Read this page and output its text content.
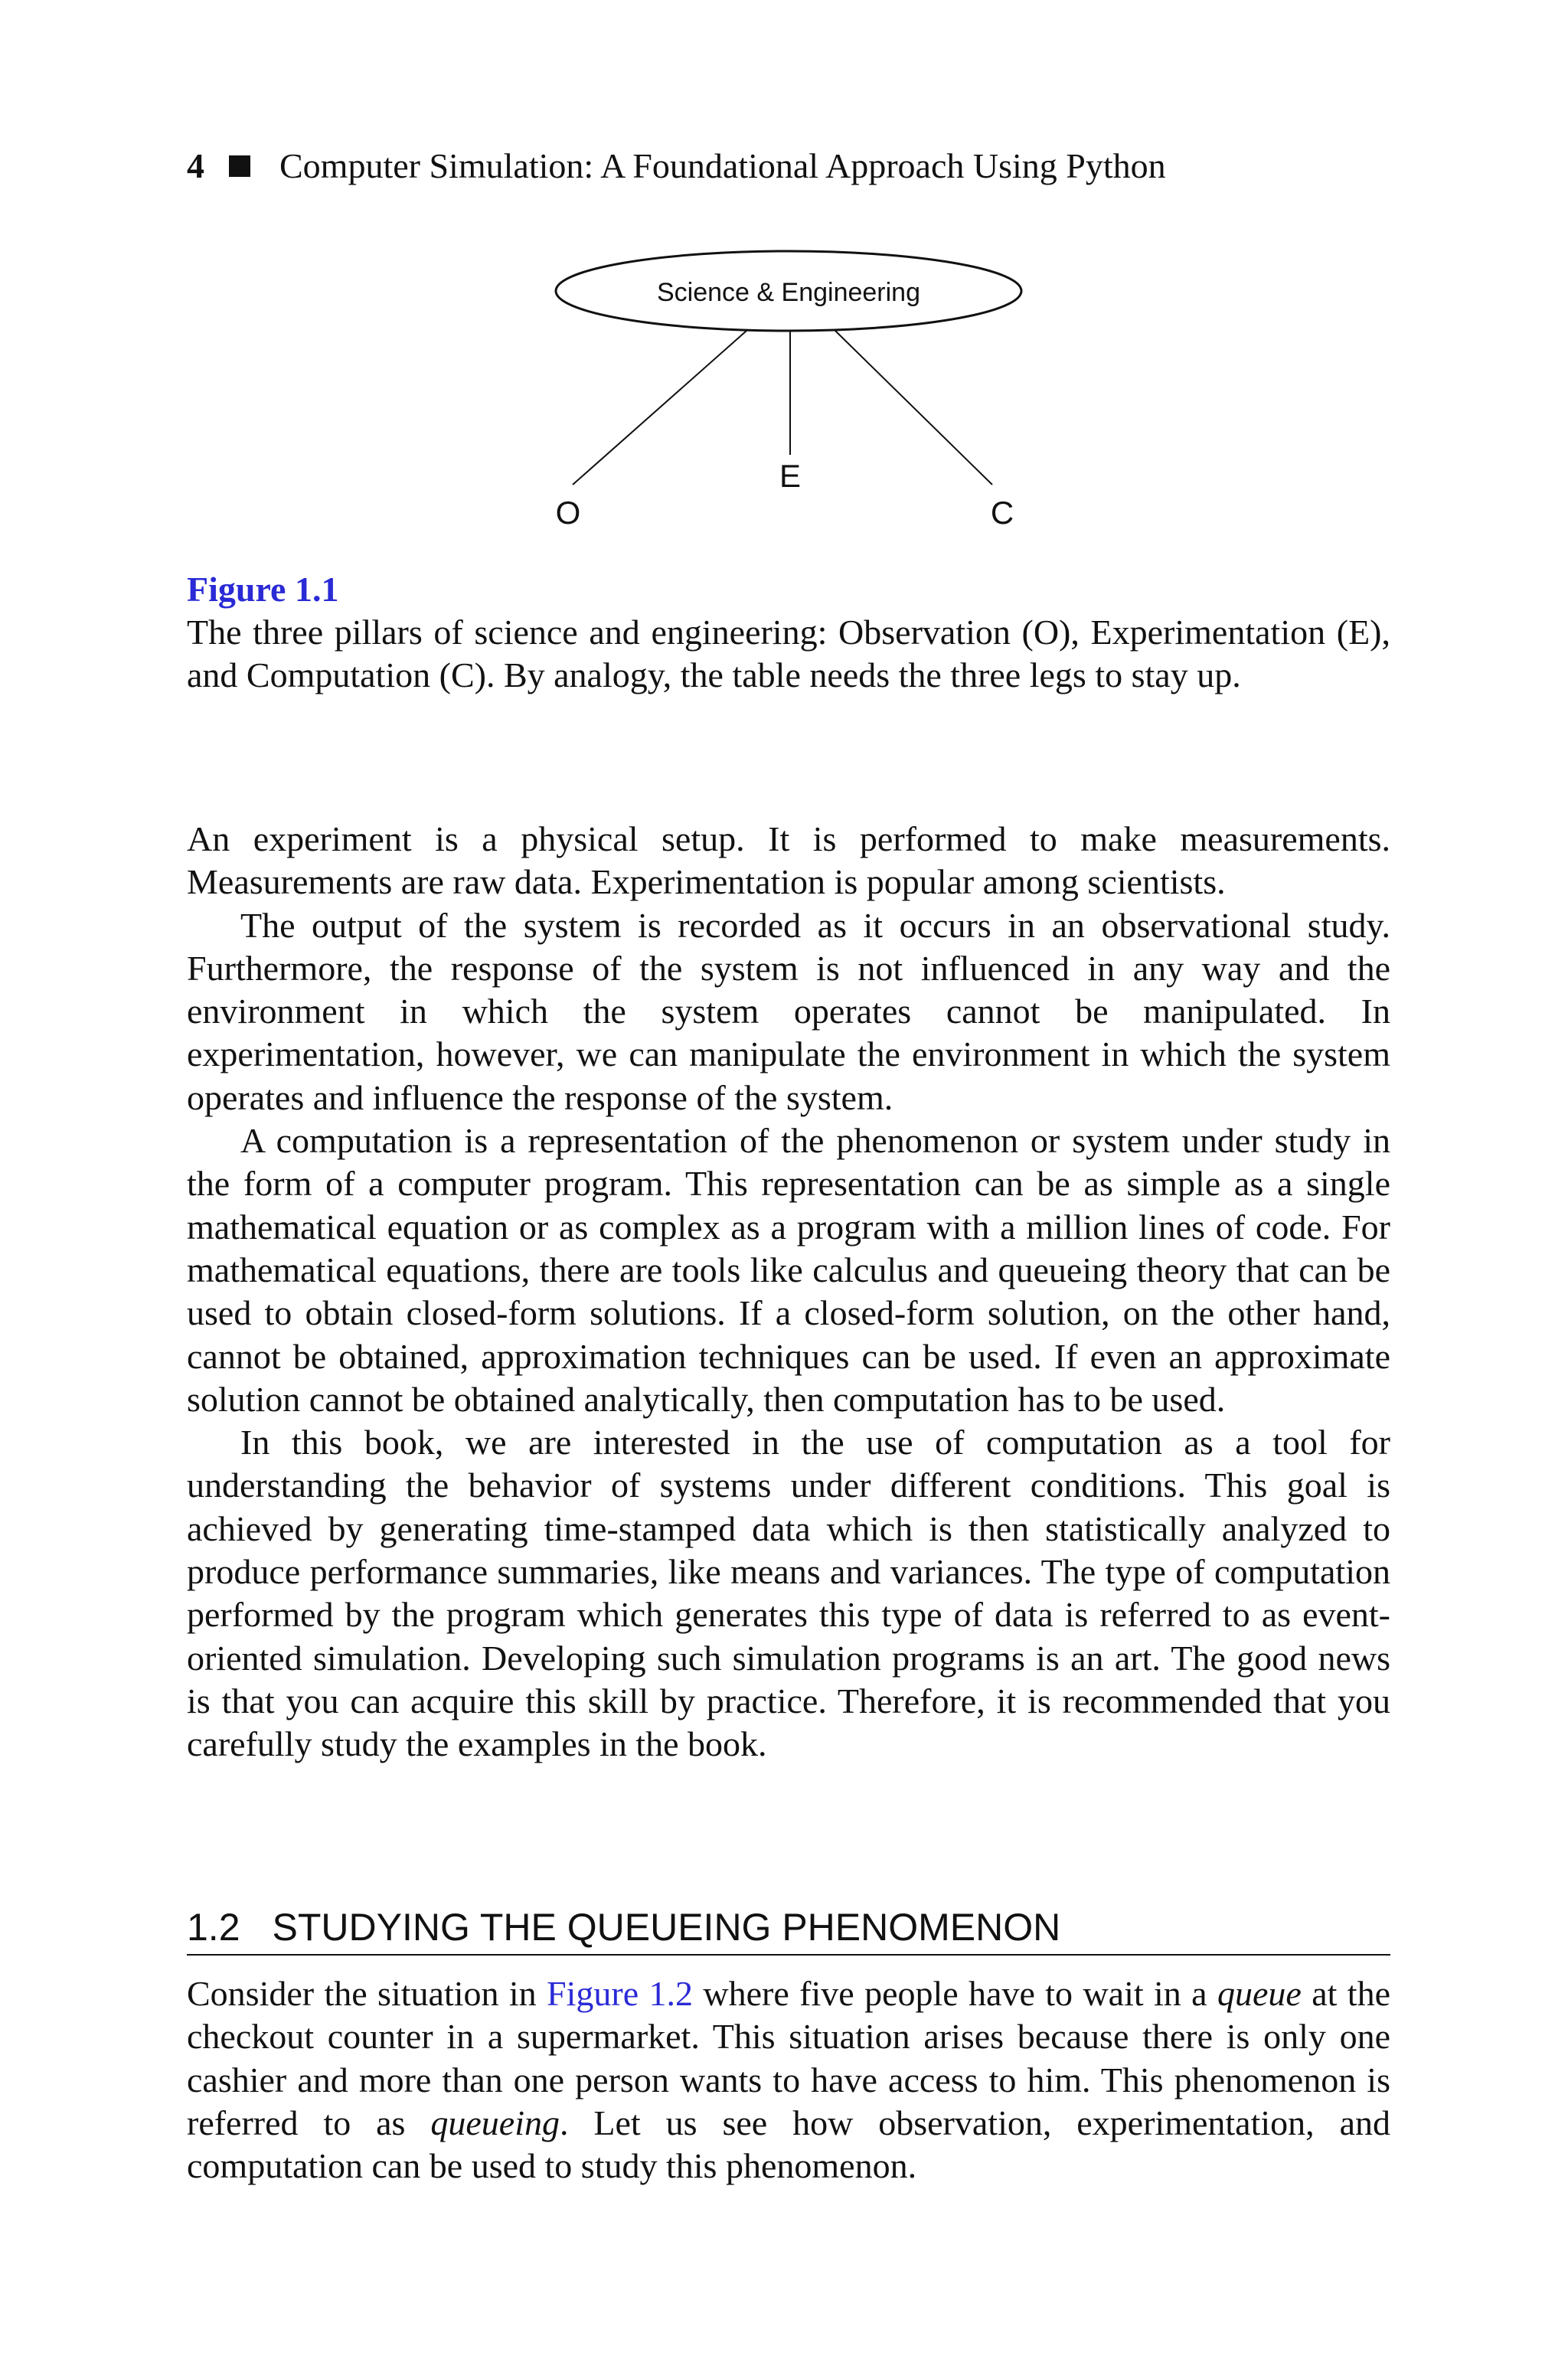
4 Computer Simulation: A Foundational Approach Using Python
Science & Engineering
O
E
C
Figure 1.1
The three pillars of science and engineering: Observation (O), Experimentation (E), and Computation (C). By analogy, the table needs the three legs to stay up.

An experiment is a physical setup. It is performed to make measurements. Measurements are raw data. Experimentation is popular among scientists.

The output of the system is recorded as it occurs in an observational study. Furthermore, the response of the system is not influenced in any way and the environment in which the system operates cannot be manipulated. In experimentation, however, we can manipulate the environment in which the system operates and influence the response of the system.

A computation is a representation of the phenomenon or system under study in the form of a computer program. This representation can be as simple as a single mathematical equation or as complex as a program with a million lines of code. For mathematical equations, there are tools like calculus and queueing theory that can be used to obtain closed-form solutions. If a closed-form solution, on the other hand, cannot be obtained, approximation techniques can be used. If even an approximate solution cannot be obtained analytically, then computation has to be used.

In this book, we are interested in the use of computation as a tool for understanding the behavior of systems under different conditions. This goal is achieved by generating time-stamped data which is then statistically analyzed to produce performance summaries, like means and variances. The type of computation performed by the program which generates this type of data is referred to as event-oriented simulation. Developing such simulation programs is an art. The good news is that you can acquire this skill by practice. Therefore, it is recommended that you carefully study the examples in the book.

1.2 STUDYING THE QUEUEING PHENOMENON

Consider the situation in Figure 1.2 where five people have to wait in a queue at the checkout counter in a supermarket. This situation arises because there is only one cashier and more than one person wants to have access to him. This phenomenon is referred to as queueing. Let us see how observation, experimentation, and computation can be used to study this phenomenon.
